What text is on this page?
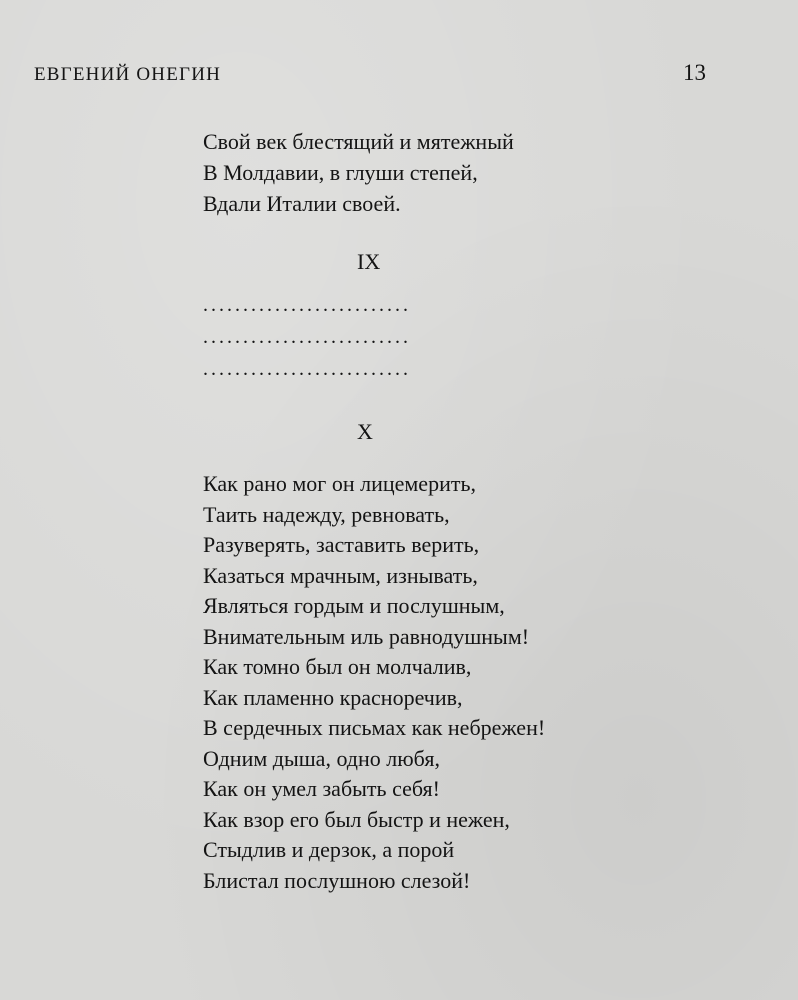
ЕВГЕНИЙ ОНЕГИН	13
Свой век блестящий и мятежный
В Молдавии, в глуши степей,
Вдали Италии своей.
IX
..........................
..........................
..........................
X
Как рано мог он лицемерить,
Таить надежду, ревновать,
Разуверять, заставить верить,
Казаться мрачным, изнывать,
Являться гордым и послушным,
Внимательным иль равнодушным!
Как томно был он молчалив,
Как пламенно красноречив,
В сердечных письмах как небрежен!
Одним дыша, одно любя,
Как он умел забыть себя!
Как взор его был быстр и нежен,
Стыдлив и дерзок, а порой
Блистал послушною слезой!
